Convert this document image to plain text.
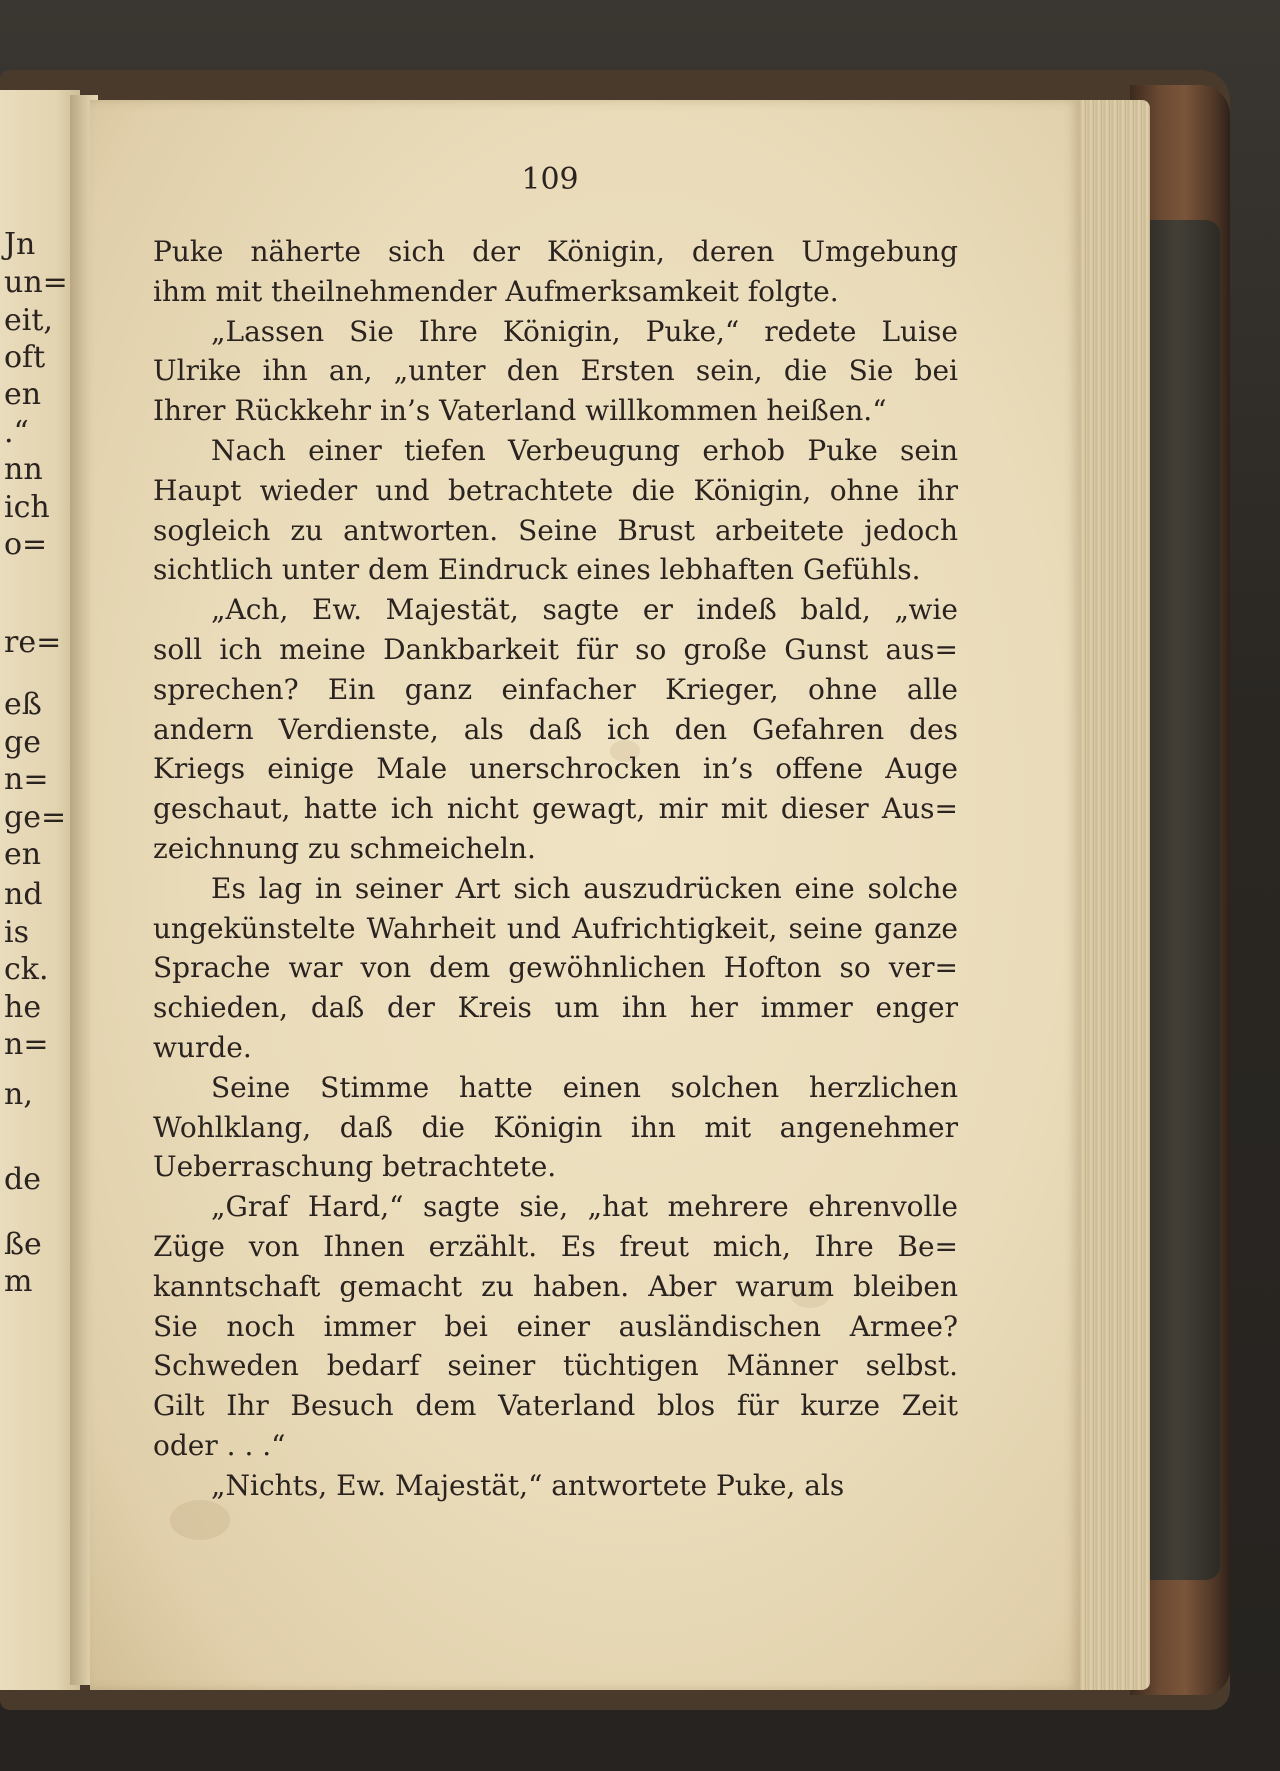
Jn
un=
eit,
oft
en
.“
nn
ich
o=
re=
eß
ge
n=
ge=
en
nd
is
ck.
he
n=
n,
de
ße
m
109
Puke näherte sich der Königin, deren Umgebung
ihm mit theilnehmender Aufmerksamkeit folgte.
„Lassen Sie Ihre Königin, Puke,“ redete Luise
Ulrike ihn an, „unter den Ersten sein, die Sie bei
Ihrer Rückkehr in’s Vaterland willkommen heißen.“
Nach einer tiefen Verbeugung erhob Puke sein
Haupt wieder und betrachtete die Königin, ohne ihr
sogleich zu antworten. Seine Brust arbeitete jedoch
sichtlich unter dem Eindruck eines lebhaften Gefühls.
„Ach, Ew. Majestät, sagte er indeß bald, „wie
soll ich meine Dankbarkeit für so große Gunst aus=
sprechen? Ein ganz einfacher Krieger, ohne alle
andern Verdienste, als daß ich den Gefahren des
Kriegs einige Male unerschrocken in’s offene Auge
geschaut, hatte ich nicht gewagt, mir mit dieser Aus=
zeichnung zu schmeicheln.
Es lag in seiner Art sich auszudrücken eine solche
ungekünstelte Wahrheit und Aufrichtigkeit, seine ganze
Sprache war von dem gewöhnlichen Hofton so ver=
schieden, daß der Kreis um ihn her immer enger
wurde.
Seine Stimme hatte einen solchen herzlichen
Wohlklang, daß die Königin ihn mit angenehmer
Ueberraschung betrachtete.
„Graf Hard,“ sagte sie, „hat mehrere ehrenvolle
Züge von Ihnen erzählt. Es freut mich, Ihre Be=
kanntschaft gemacht zu haben. Aber warum bleiben
Sie noch immer bei einer ausländischen Armee?
Schweden bedarf seiner tüchtigen Männer selbst.
Gilt Ihr Besuch dem Vaterland blos für kurze Zeit
oder . . .“
„Nichts, Ew. Majestät,“ antwortete Puke, als
